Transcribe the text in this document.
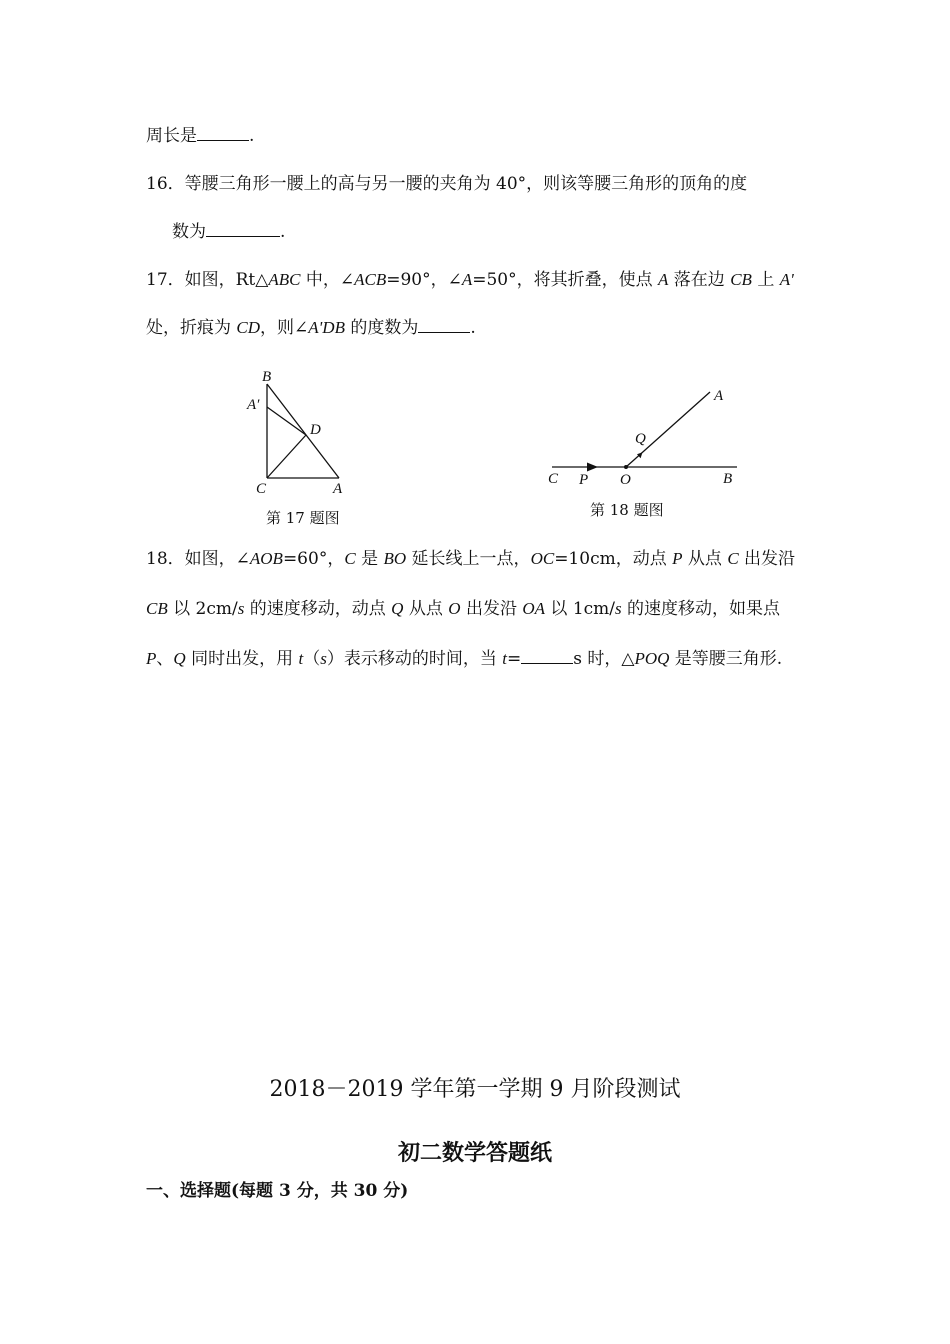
周长是	.
16．等腰三角形一腰上的高与另一腰的夹角为 40°，则该等腰三角形的顶角的度
数为	.
17．如图，Rt△ABC 中，∠ACB=90°，∠A=50°，将其折叠，使点 A 落在边 CB 上 A'
处，折痕为 CD，则∠A'DB 的度数为	.
B
A′
D
C	A
第 17 题图
A
Q
C P O	B
第 18 题图
18．如图，∠AOB=60°，C 是 BO 延长线上一点，OC=10cm，动点 P 从点 C 出发沿
CB 以 2cm/s 的速度移动，动点 Q 从点 O 出发沿 OA 以 1cm/s 的速度移动，如果点
P、Q 同时出发，用 t（s）表示移动的时间，当 t=	s 时，△POQ 是等腰三角形.
2018－2019 学年第一学期 9 月阶段测试
初二数学答题纸
一、选择题(每题 3 分，共 30 分)
